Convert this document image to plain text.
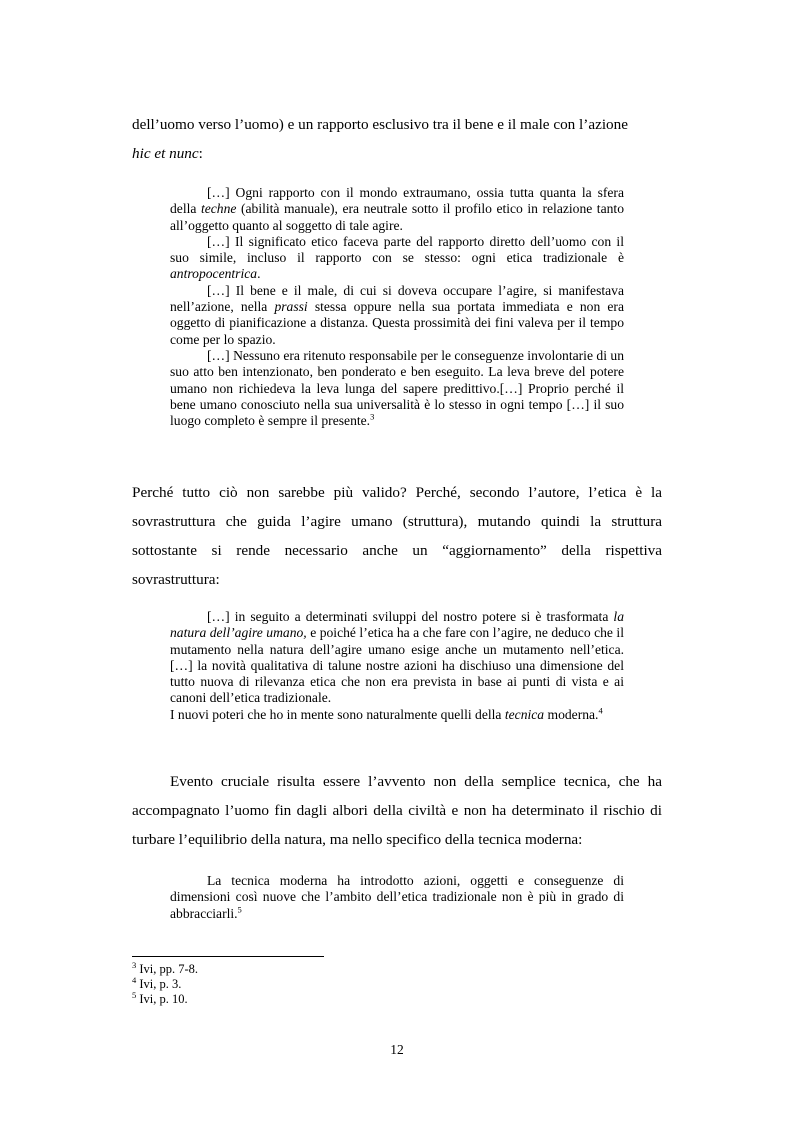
dell’uomo verso l’uomo) e un rapporto esclusivo tra il bene e il male con l’azione
hic et nunc:

[…] Ogni rapporto con il mondo extraumano, ossia tutta quanta la sfera della techne (abilità manuale), era neutrale sotto il profilo etico in relazione tanto all’oggetto quanto al soggetto di tale agire.

[…] Il significato etico faceva parte del rapporto diretto dell’uomo con il suo simile, incluso il rapporto con se stesso: ogni etica tradizionale è antropocentrica.

[…] Il bene e il male, di cui si doveva occupare l’agire, si manifestava nell’azione, nella prassi stessa oppure nella sua portata immediata e non era oggetto di pianificazione a distanza. Questa prossimità dei fini valeva per il tempo come per lo spazio.

[…] Nessuno era ritenuto responsabile per le conseguenze involontarie di un suo atto ben intenzionato, ben ponderato e ben eseguito. La leva breve del potere umano non richiedeva la leva lunga del sapere predittivo.[…] Proprio perché il bene umano conosciuto nella sua universalità è lo stesso in ogni tempo […] il suo luogo completo è sempre il presente.$^3$

Perché tutto ciò non sarebbe più valido? Perché, secondo l’autore, l’etica è la sovrastruttura che guida l’agire umano (struttura), mutando quindi la struttura sottostante si rende necessario anche un “aggiornamento” della rispettiva sovrastruttura:

[…] in seguito a determinati sviluppi del nostro potere si è trasformata la natura dell’agire umano, e poiché l’etica ha a che fare con l’agire, ne deduco che il mutamento nella natura dell’agire umano esige anche un mutamento nell’etica. […] la novità qualitativa di talune nostre azioni ha dischiuso una dimensione del tutto nuova di rilevanza etica che non era prevista in base ai punti di vista e ai canoni dell’etica tradizionale.

I nuovi poteri che ho in mente sono naturalmente quelli della tecnica moderna.$^4$

Evento cruciale risulta essere l’avvento non della semplice tecnica, che ha accompagnato l’uomo fin dagli albori della civiltà e non ha determinato il rischio di turbare l’equilibrio della natura, ma nello specifico della tecnica moderna:

La tecnica moderna ha introdotto azioni, oggetti e conseguenze di dimensioni così nuove che l’ambito dell’etica tradizionale non è più in grado di abbracciarli.$^5$

$^3$ Ivi, pp. 7-8.
$^4$ Ivi, p. 3.
$^5$ Ivi, p. 10.
12
